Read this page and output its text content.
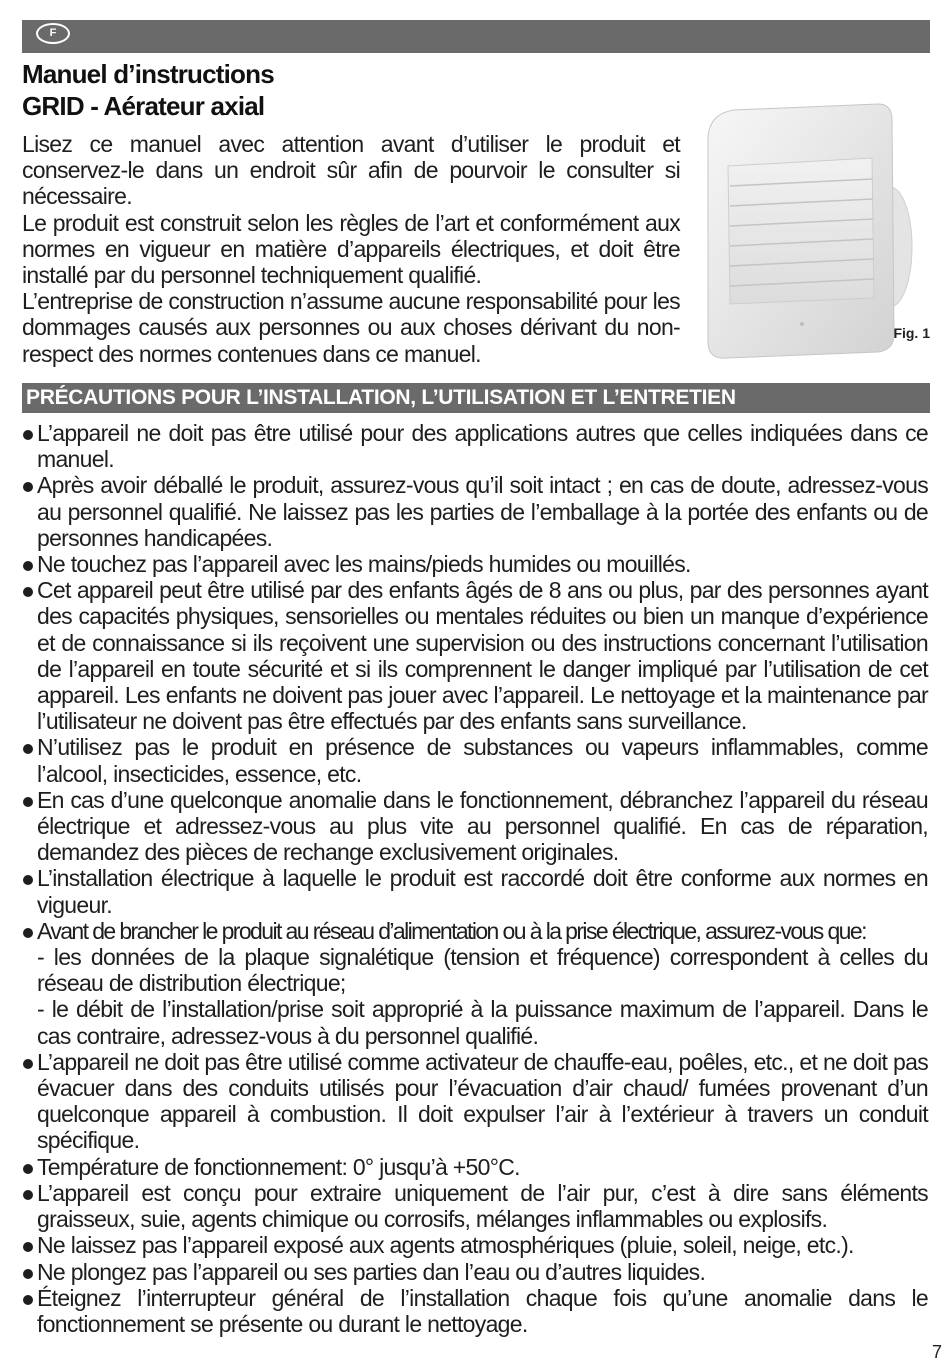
F
Manuel d’instructions
GRID - Aérateur axial

Lisez ce manuel avec attention avant d’utiliser le produit et conservez-le dans un endroit sûr afin de pourvoir le consulter si nécessaire.

Le produit est construit selon les règles de l’art et conformément aux normes en vigueur en matière d’appareils électriques, et doit être installé par du personnel techniquement qualifié.

L’entreprise de construction n’assume aucune responsabilité pour les dommages causés aux personnes ou aux choses dérivant du non-respect des normes contenues dans ce manuel.

Fig. 1
PRÉCAUTIONS POUR L’INSTALLATION, L’UTILISATION ET L’ENTRETIEN
L’appareil ne doit pas être utilisé pour des applications autres que celles indiquées dans ce manuel.
Après avoir déballé le produit, assurez-vous qu’il soit intact ; en cas de doute, adressez-vous au personnel qualifié. Ne laissez pas les parties de l’emballage à la portée des enfants ou de personnes handicapées.
Ne touchez pas l’appareil avec les mains/pieds humides ou mouillés.
Cet appareil peut être utilisé par des enfants âgés de 8 ans ou plus, par des personnes ayant des capacités physiques, sensorielles ou mentales réduites ou bien un manque d’expérience et de connaissance si ils reçoivent une supervision ou des instructions concernant l’utilisation de l’appareil en toute sécurité et si ils comprennent le danger impliqué par l’utilisation de cet appareil. Les enfants ne doivent pas jouer avec l’appareil. Le nettoyage et la maintenance par l’utilisateur ne doivent pas être effectués par des enfants sans surveillance.
N’utilisez pas le produit en présence de substances ou vapeurs inflammables, comme l’alcool, insecticides, essence, etc.
En cas d’une quelconque anomalie dans le fonctionnement, débranchez l’appareil du réseau électrique et adressez-vous au plus vite au personnel qualifié. En cas de réparation, demandez des pièces de rechange exclusivement originales.
L’installation électrique à laquelle le produit est raccordé doit être conforme aux normes en vigueur.
Avant de brancher le produit au réseau d’alimentation ou à la prise électrique, assurez-vous que:
- les données de la plaque signalétique (tension et fréquence) correspondent à celles du réseau de distribution électrique;
- le débit de l’installation/prise soit approprié à la puissance maximum de l’appareil. Dans le cas contraire, adressez-vous à du personnel qualifié.
L’appareil ne doit pas être utilisé comme activateur de chauffe-eau, poêles, etc., et ne doit pas évacuer dans des conduits utilisés pour l’évacuation d’air chaud/ fumées provenant d’un quelconque appareil à combustion. Il doit expulser l’air à l’extérieur à travers un conduit spécifique.
Température de fonctionnement: 0° jusqu’à +50°C.
L’appareil est conçu pour extraire uniquement de l’air pur, c’est à dire sans éléments graisseux, suie, agents chimique ou corrosifs, mélanges inflammables ou explosifs.
Ne laissez pas l’appareil exposé aux agents atmosphériques (pluie, soleil, neige, etc.).
Ne plongez pas l’appareil ou ses parties dan l’eau ou d’autres liquides.
Éteignez l’interrupteur général de l’installation chaque fois qu’une anomalie dans le fonctionnement se présente ou durant le nettoyage.
7
